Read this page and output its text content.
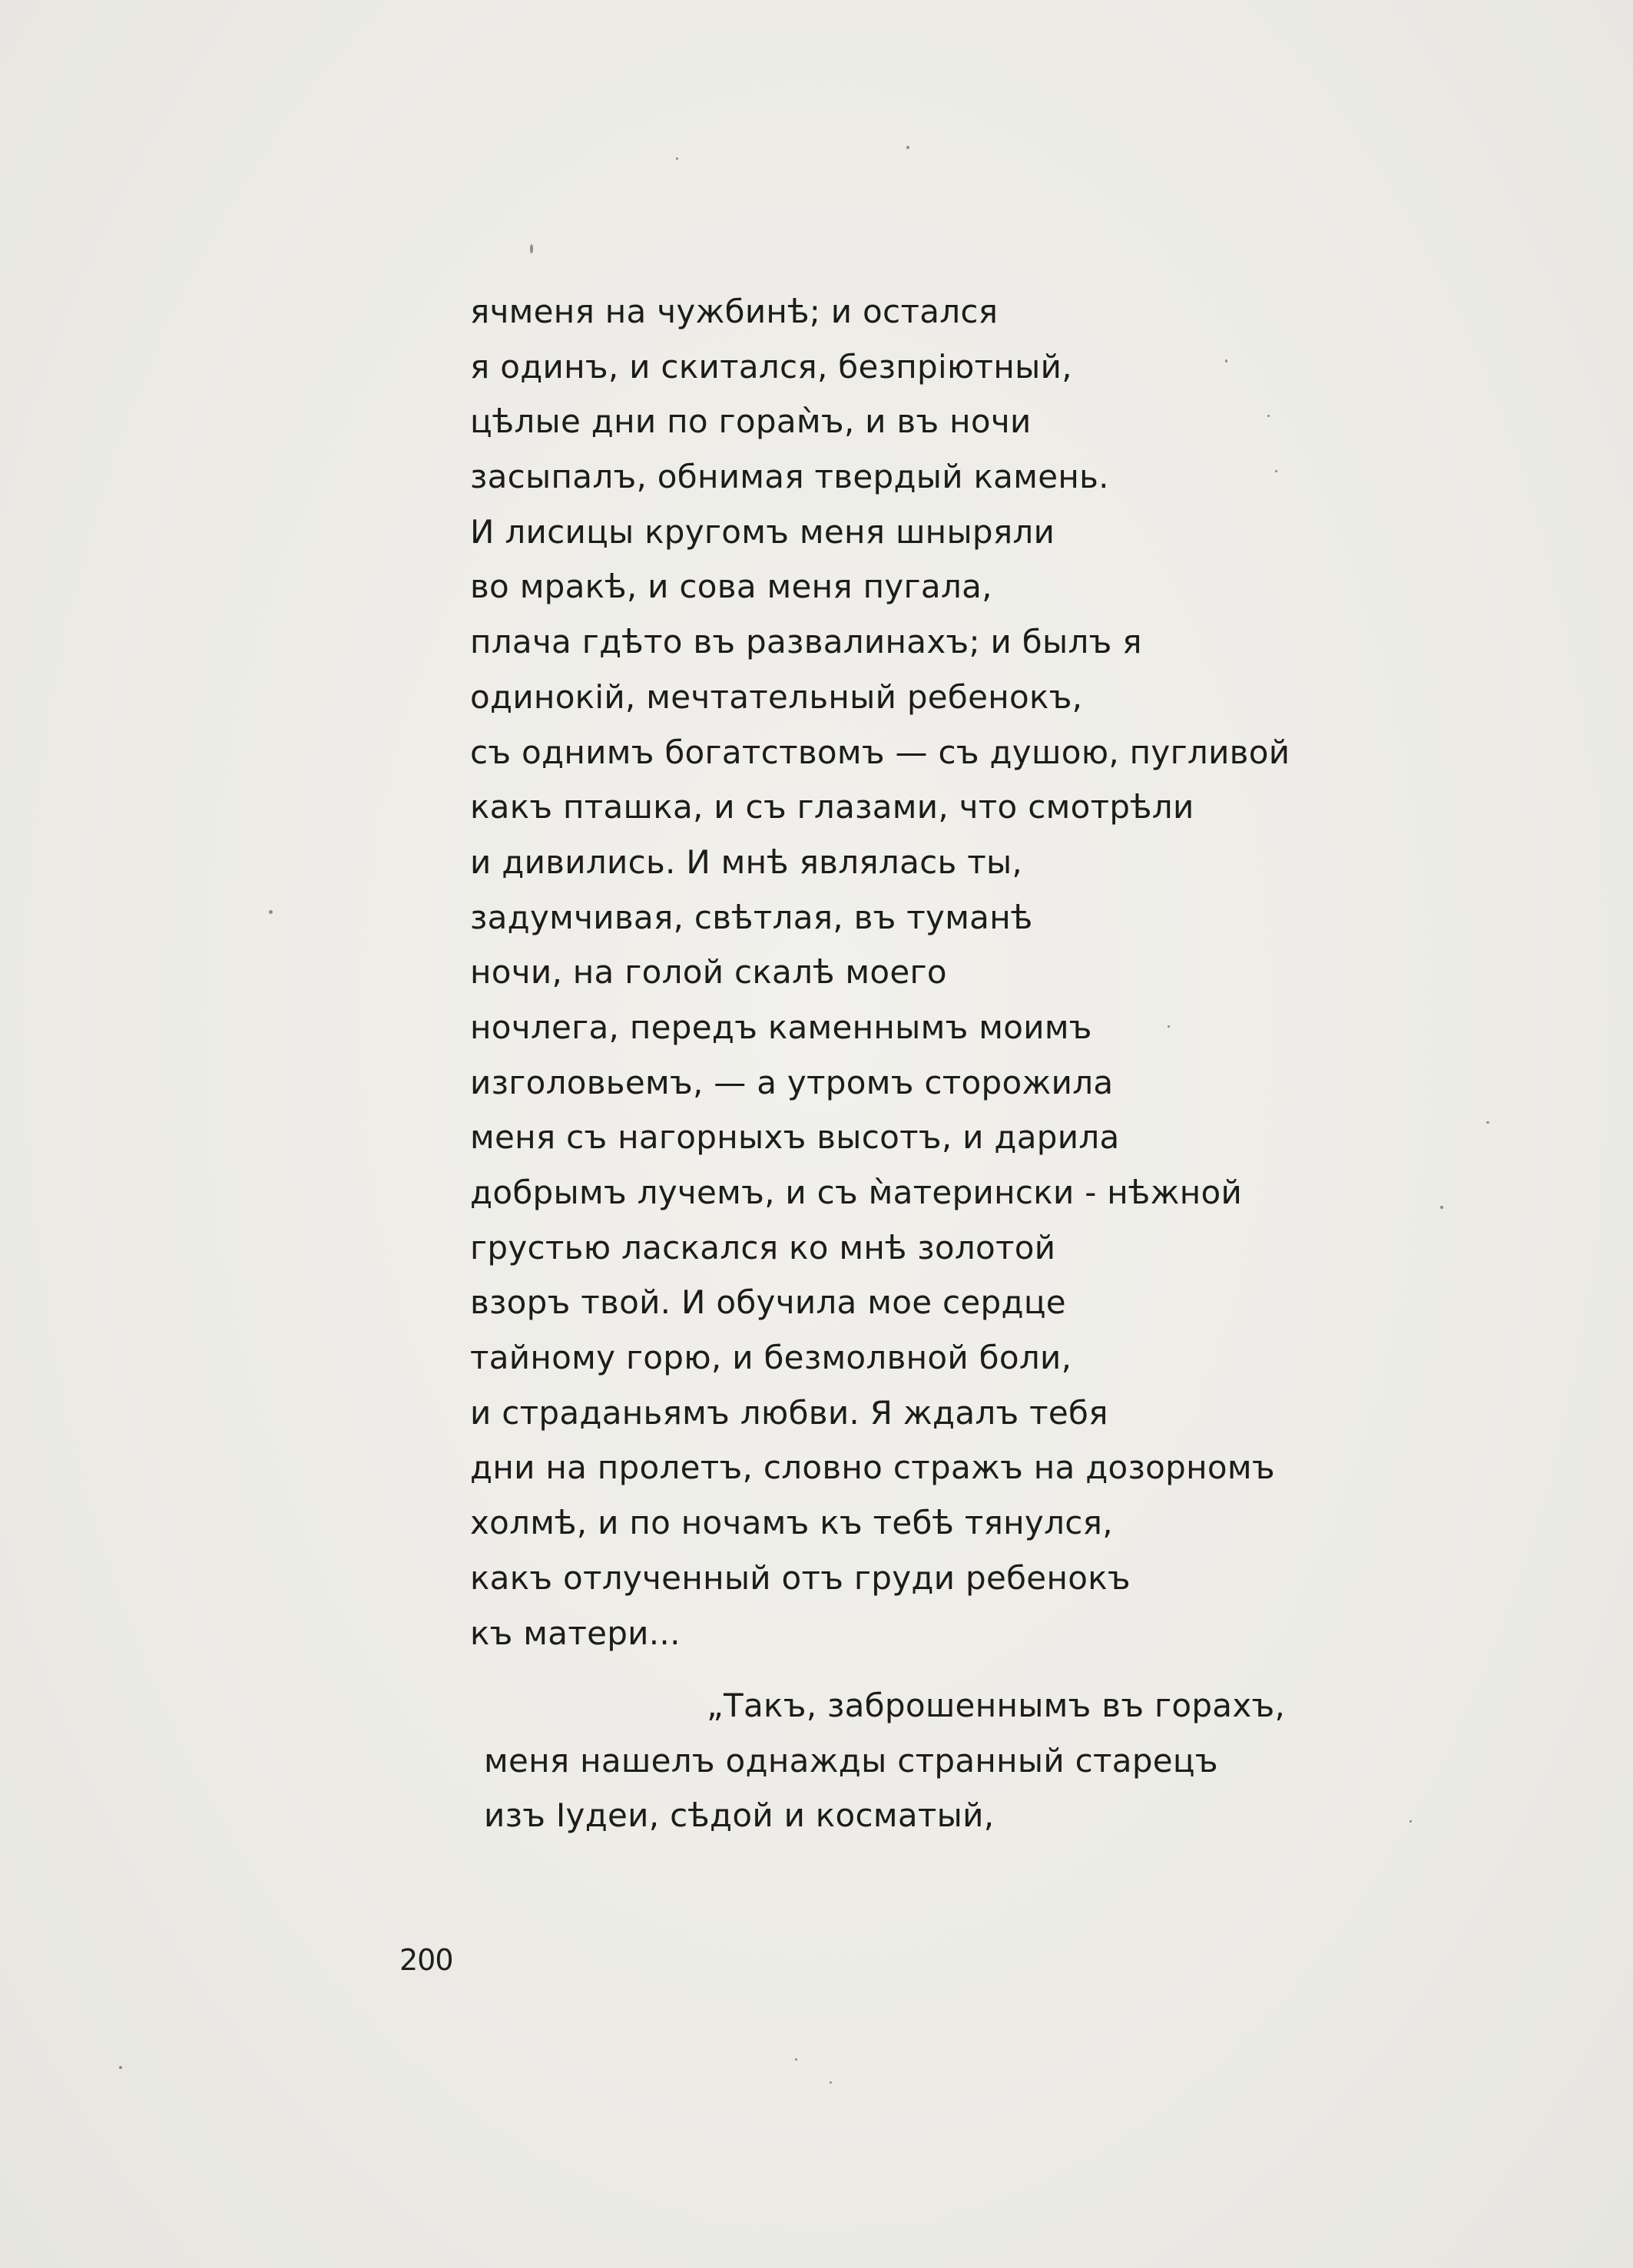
ячменя на чужбинѣ; и остался
я одинъ, и скитался, безпріютный,
цѣлые дни по горам̀ъ, и въ ночи
засыпалъ, обнимая твердый камень.
И лисицы кругомъ меня шныряли
во мракѣ, и сова меня пугала,
плача гдѣто въ развалинахъ; и былъ я
одинокій, мечтательный ребенокъ,
съ однимъ богатствомъ — съ душою, пугливой
какъ пташка, и съ глазами, что смотрѣли
и дивились. И мнѣ являлась ты,
задумчивая, свѣтлая, въ туманѣ
ночи, на голой скалѣ моего
ночлега, передъ каменнымъ моимъ
изголовьемъ, — а утромъ сторожила
меня съ нагорныхъ высотъ, и дарила
добрымъ лучемъ, и съ м̀атерински - нѣжной
грустью ласкался ко мнѣ золотой
взоръ твой. И обучила мое сердце
тайному горю, и безмолвной боли,
и страданьямъ любви. Я ждалъ тебя
дни на пролетъ, словно стражъ на дозорномъ
холмѣ, и по ночамъ къ тебѣ тянулся,
какъ отлученный отъ груди ребенокъ
къ матери...
„Такъ, заброшеннымъ въ горахъ,
меня нашелъ однажды странный старецъ
изъ Іудеи, сѣдой и косматый,
200
